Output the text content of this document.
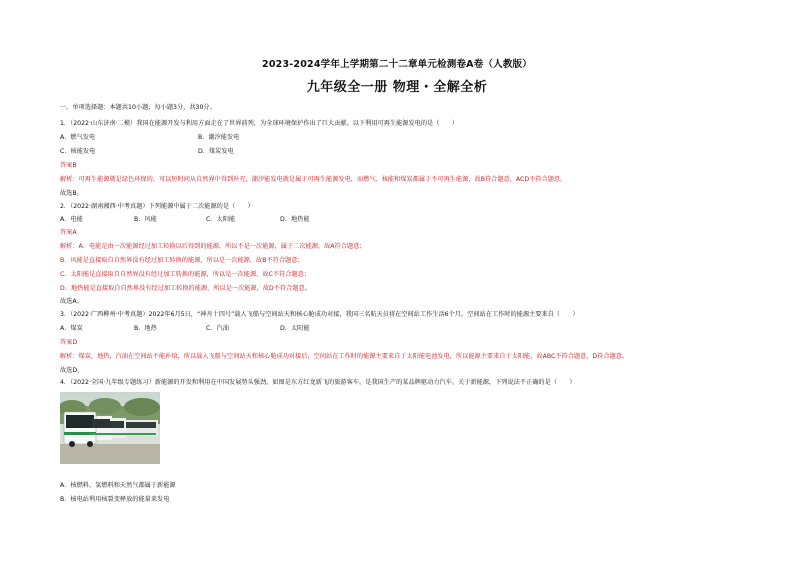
2023-2024学年上学期第二十二章单元检测卷A卷（人教版）
九年级全一册 物理・全解全析
一、单项选择题：本题共10小题，每小题3分，共30分。
1．（2022·山东济南·二模）我国在能源开发与利用方面走在了世界前列，为全球环境保护作出了巨大贡献。以下利用可再生能源发电的是（　　）
A．燃气发电	B．潮汐能发电
C．核能发电	D．煤炭发电
答案B
解析：可再生能源就是绿色环保的，可以短时间从自然界中得到补充，潮汐能发电就是属于可再生能源发电，而燃气、核能和煤炭都属于不可再生能源，故B符合题意，ACD不符合题意。
故选B。
2．（2022·湖南湘西·中考真题）下列能源中属于二次能源的是（　　）
A．电能	B．风能	C．太阳能	D．地热能
答案A
解析：A．电能是由一次能源经过加工转换以后得到的能源，所以不是一次能源，属于二次能源，故A符合题意；
B．风能是直接取自自然界没有经过加工转换的能源，所以是一次能源，故B不符合题意；
C．太阳能是直接取自自然界没有经过加工转换的能源，所以是一次能源，故C不符合题意；
D．地热能是直接取自自然界没有经过加工转换的能源，所以是一次能源，故D不符合题意。
故选A。
3．（2022·广西柳州·中考真题）2022年6月5日，“神舟十四号”载人飞船与空间站天和核心舱成功对接，我国三名航天员将在空间站工作生活6个月。空间站在工作时的能源主要来自（　　）
A．煤炭	B．地热	C．汽油	D．太阳能
答案D
解析：煤炭，地热，汽油在空间站不能补给，所以载人飞船与空间站天和核心舱成功对接后，空间站在工作时的能源主要来自于太阳能电池发电，所以能源主要来自于太阳能，故ABC不符合题意，D符合题意。
故选D。
4．（2022·全国·九年级专题练习）新能源的开发和利用在中国发展势头强劲，如图是东方红龙新飞的旅游客车，是我国生产的某品牌驱动力汽车。关于新能源，下列说法不正确的是（　　）
A．核燃料、氢燃料和天然气都属于新能源
B．核电站利用核裂变释放的能量来发电
